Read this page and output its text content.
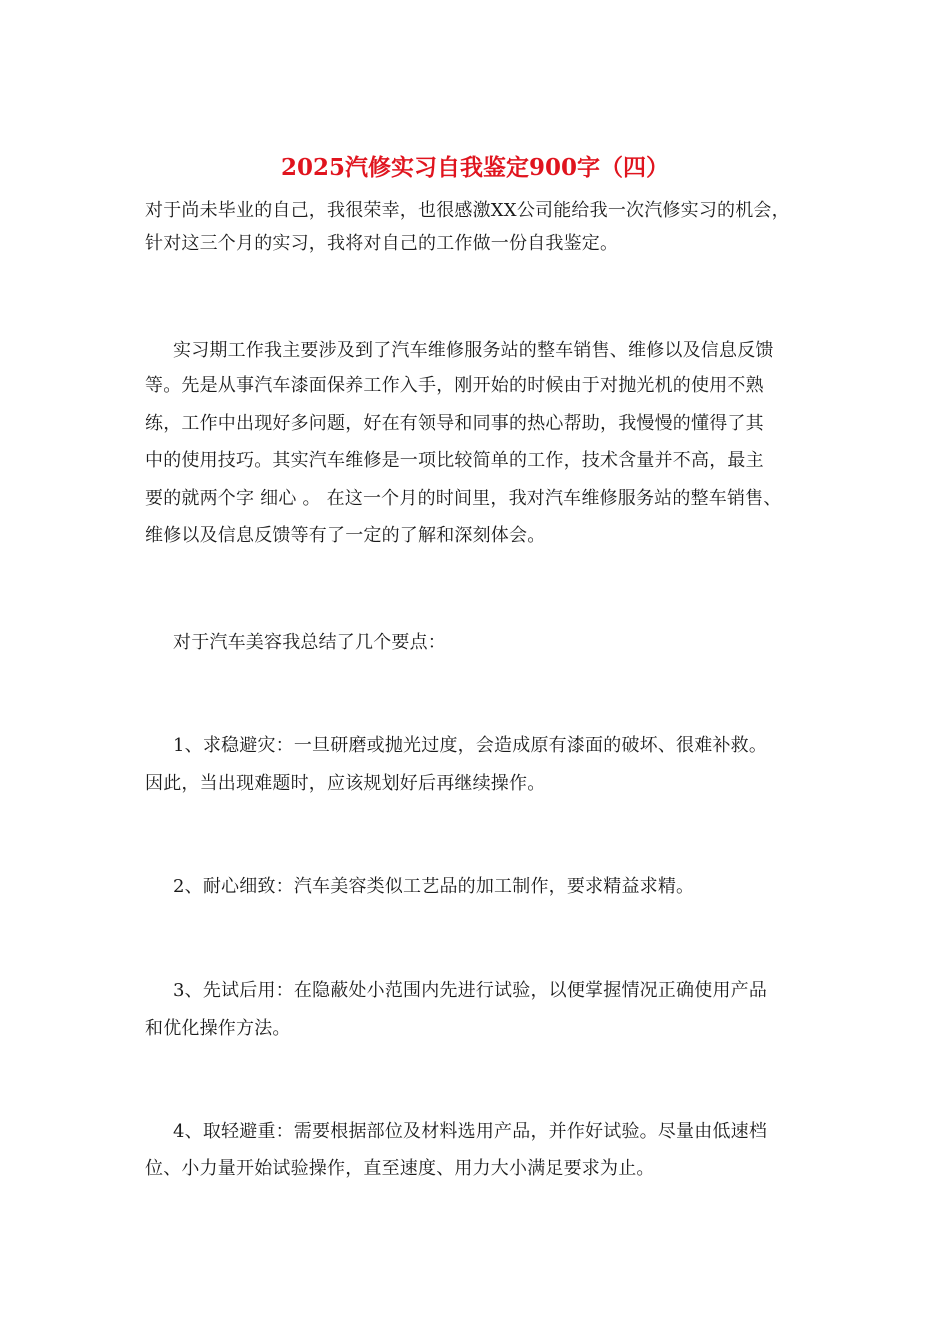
2025汽修实习自我鉴定900字（四）
对于尚未毕业的自己，我很荣幸，也很感激XX公司能给我一次汽修实习的机会，
针对这三个月的实习，我将对自己的工作做一份自我鉴定。
实习期工作我主要涉及到了汽车维修服务站的整车销售、维修以及信息反馈
等。先是从事汽车漆面保养工作入手，刚开始的时候由于对抛光机的使用不熟
练，工作中出现好多问题，好在有领导和同事的热心帮助，我慢慢的懂得了其
中的使用技巧。其实汽车维修是一项比较简单的工作，技术含量并不高，最主
要的就两个字 细心 。 在这一个月的时间里，我对汽车维修服务站的整车销售、
维修以及信息反馈等有了一定的了解和深刻体会。
对于汽车美容我总结了几个要点：
1、求稳避灾：一旦研磨或抛光过度，会造成原有漆面的破坏、很难补救。
因此，当出现难题时，应该规划好后再继续操作。
2、耐心细致：汽车美容类似工艺品的加工制作，要求精益求精。
3、先试后用：在隐蔽处小范围内先进行试验，以便掌握情况正确使用产品
和优化操作方法。
4、取轻避重：需要根据部位及材料选用产品，并作好试验。尽量由低速档
位、小力量开始试验操作，直至速度、用力大小满足要求为止。
